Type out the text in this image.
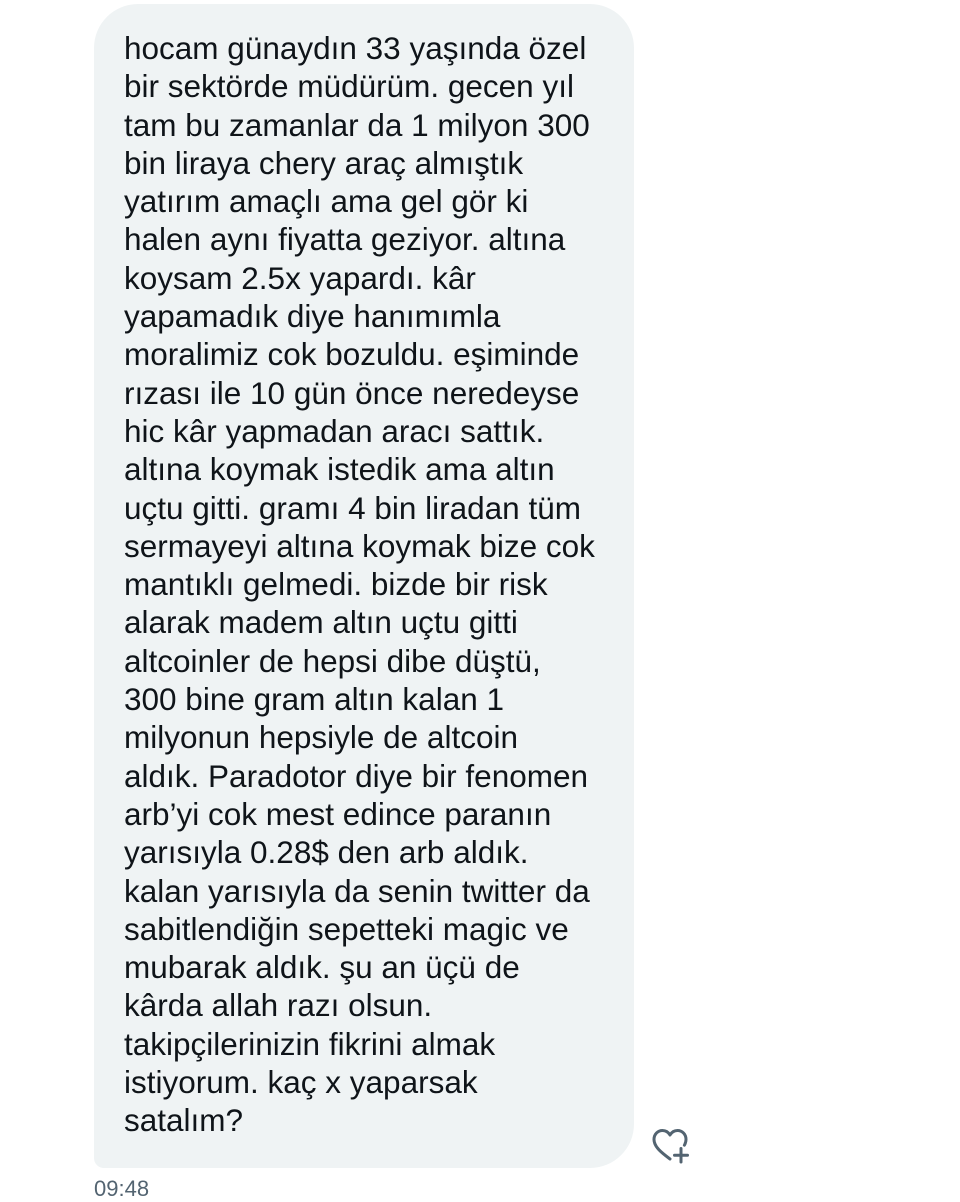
hocam günaydın 33 yaşında özel
bir sektörde müdürüm. gecen yıl
tam bu zamanlar da 1 milyon 300
bin liraya chery araç almıştık
yatırım amaçlı ama gel gör ki
halen aynı fiyatta geziyor. altına
koysam 2.5x yapardı. kâr
yapamadık diye hanımımla
moralimiz cok bozuldu. eşiminde
rızası ile 10 gün önce neredeyse
hic kâr yapmadan aracı sattık.
altına koymak istedik ama altın
uçtu gitti. gramı 4 bin liradan tüm
sermayeyi altına koymak bize cok
mantıklı gelmedi. bizde bir risk
alarak madem altın uçtu gitti
altcoinler de hepsi dibe düştü,
300 bine gram altın kalan 1
milyonun hepsiyle de altcoin
aldık. Paradotor diye bir fenomen
arb’yi cok mest edince paranın
yarısıyla 0.28$ den arb aldık.
kalan yarısıyla da senin twitter da
sabitlendiğin sepetteki magic ve
mubarak aldık. şu an üçü de
kârda allah razı olsun.
takipçilerinizin fikrini almak
istiyorum. kaç x yaparsak
satalım?
09:48
